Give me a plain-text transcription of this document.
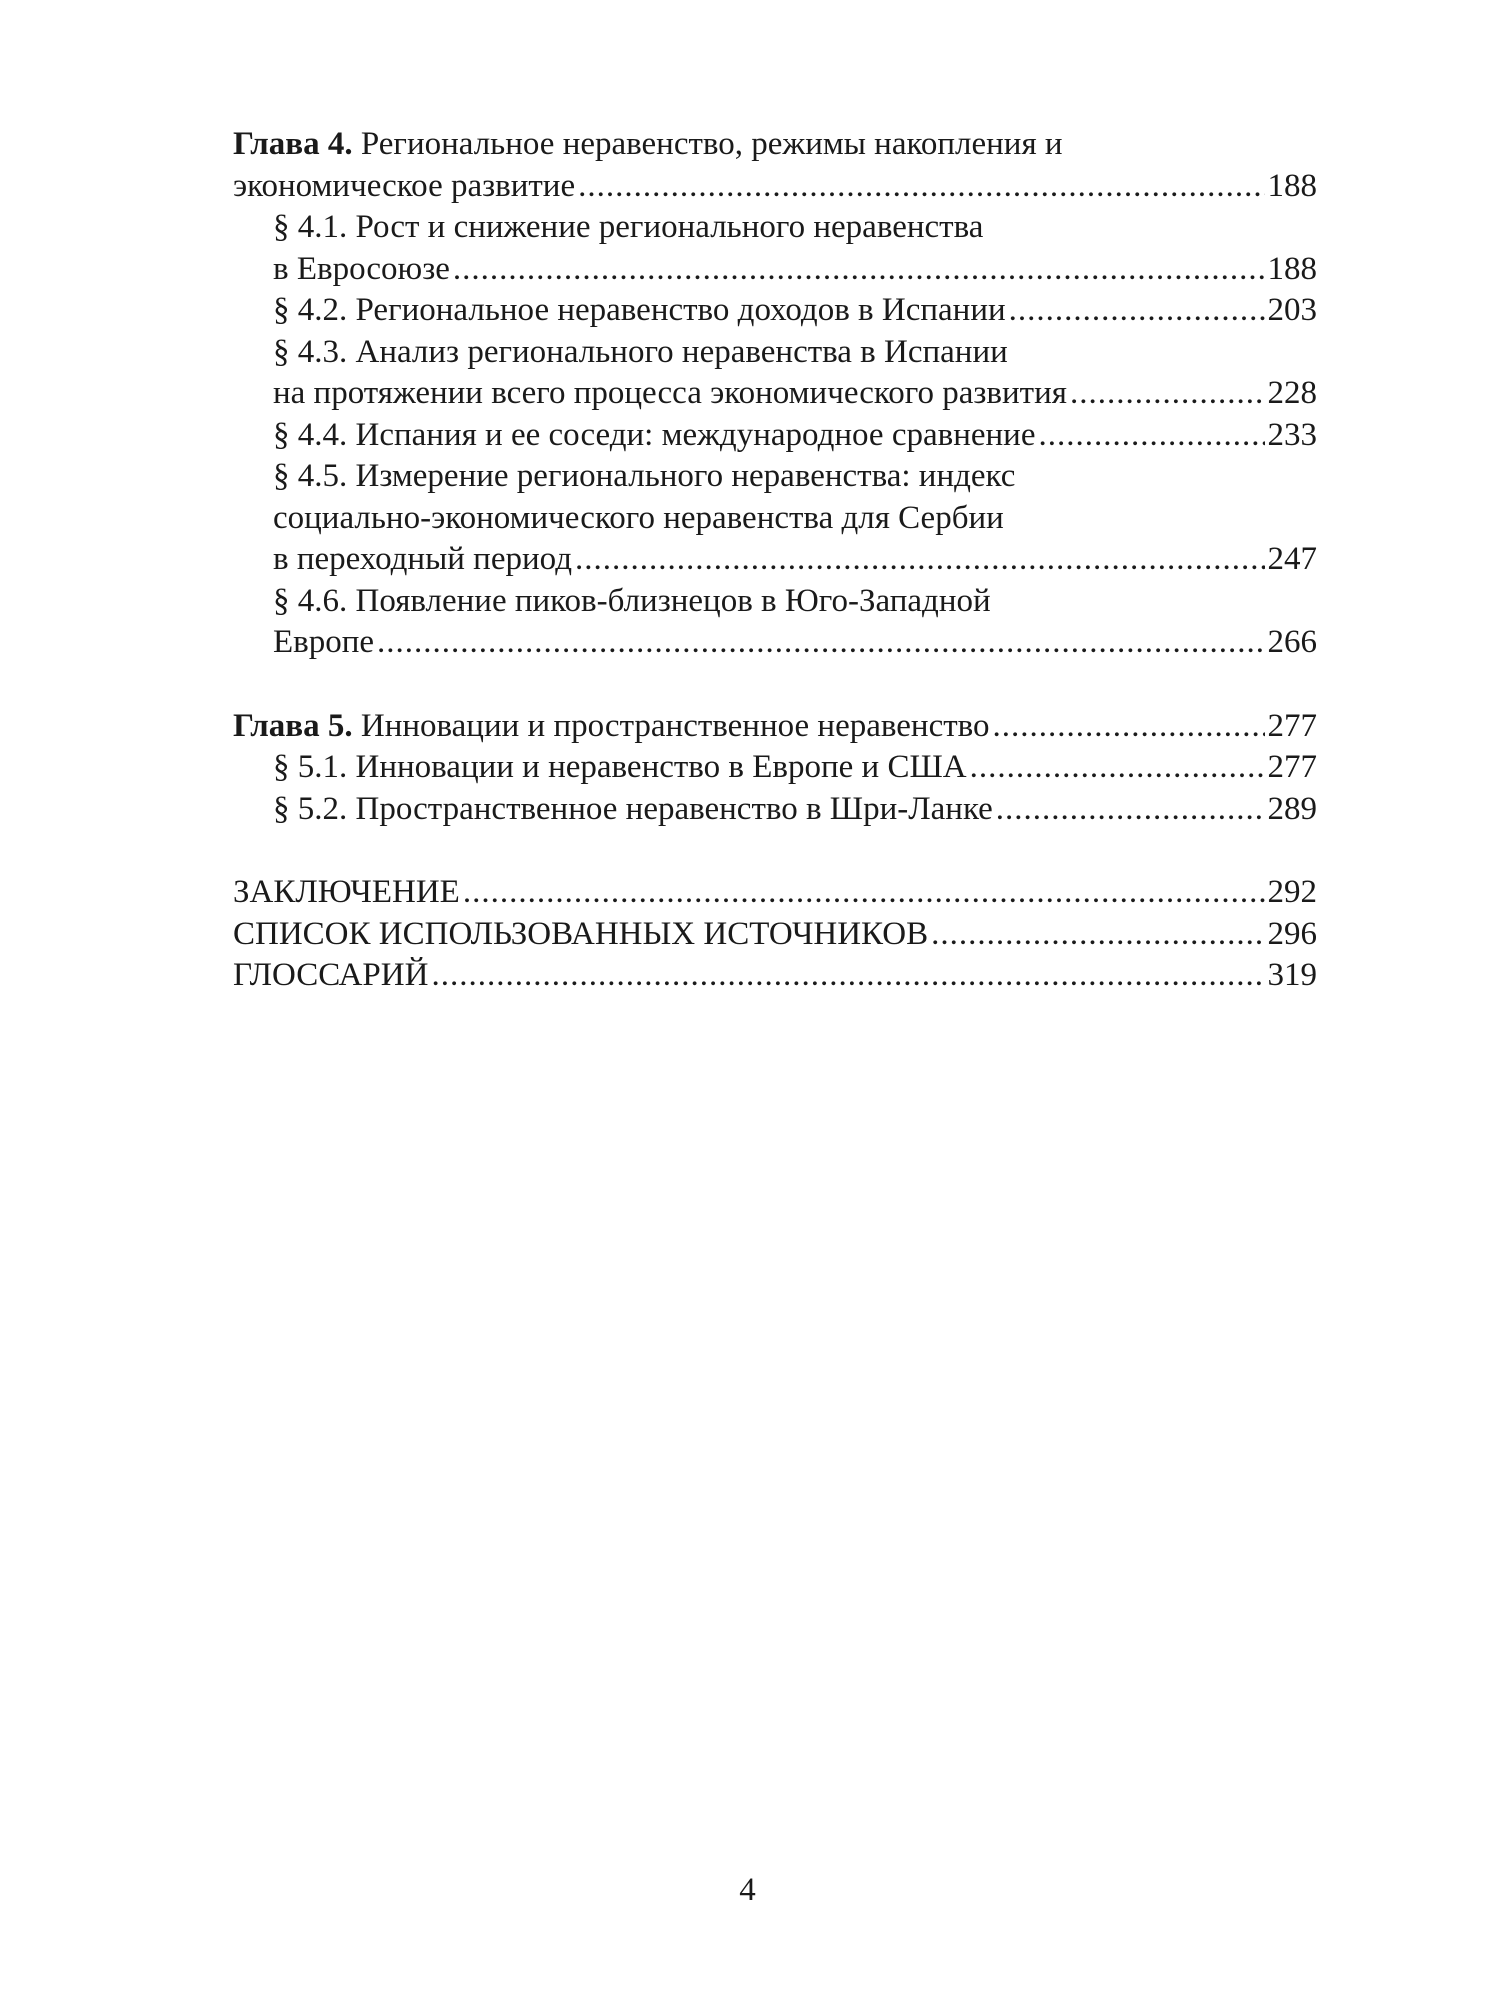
Глава 4. Региональное неравенство, режимы накопления и
экономическое развитие .....	188
§ 4.1. Рост и снижение регионального неравенства
в Евросоюзе .....	188
§ 4.2. Региональное неравенство доходов в Испании .....	203
§ 4.3. Анализ регионального неравенства в Испании
на протяжении всего процесса экономического развития .....	228
§ 4.4. Испания и ее соседи: международное сравнение .....	233
§ 4.5. Измерение регионального неравенства: индекс
социально-экономического неравенства для Сербии
в переходный период .....	247
§ 4.6. Появление пиков-близнецов в Юго-Западной
Европе .....	266
Глава 5. Инновации и пространственное неравенство .....	277
§ 5.1. Инновации и неравенство в Европе и США .....	277
§ 5.2. Пространственное неравенство в Шри-Ланке .....	289
ЗАКЛЮЧЕНИЕ .....	292
СПИСОК ИСПОЛЬЗОВАННЫХ ИСТОЧНИКОВ .....	296
ГЛОССАРИЙ .....	319
4
